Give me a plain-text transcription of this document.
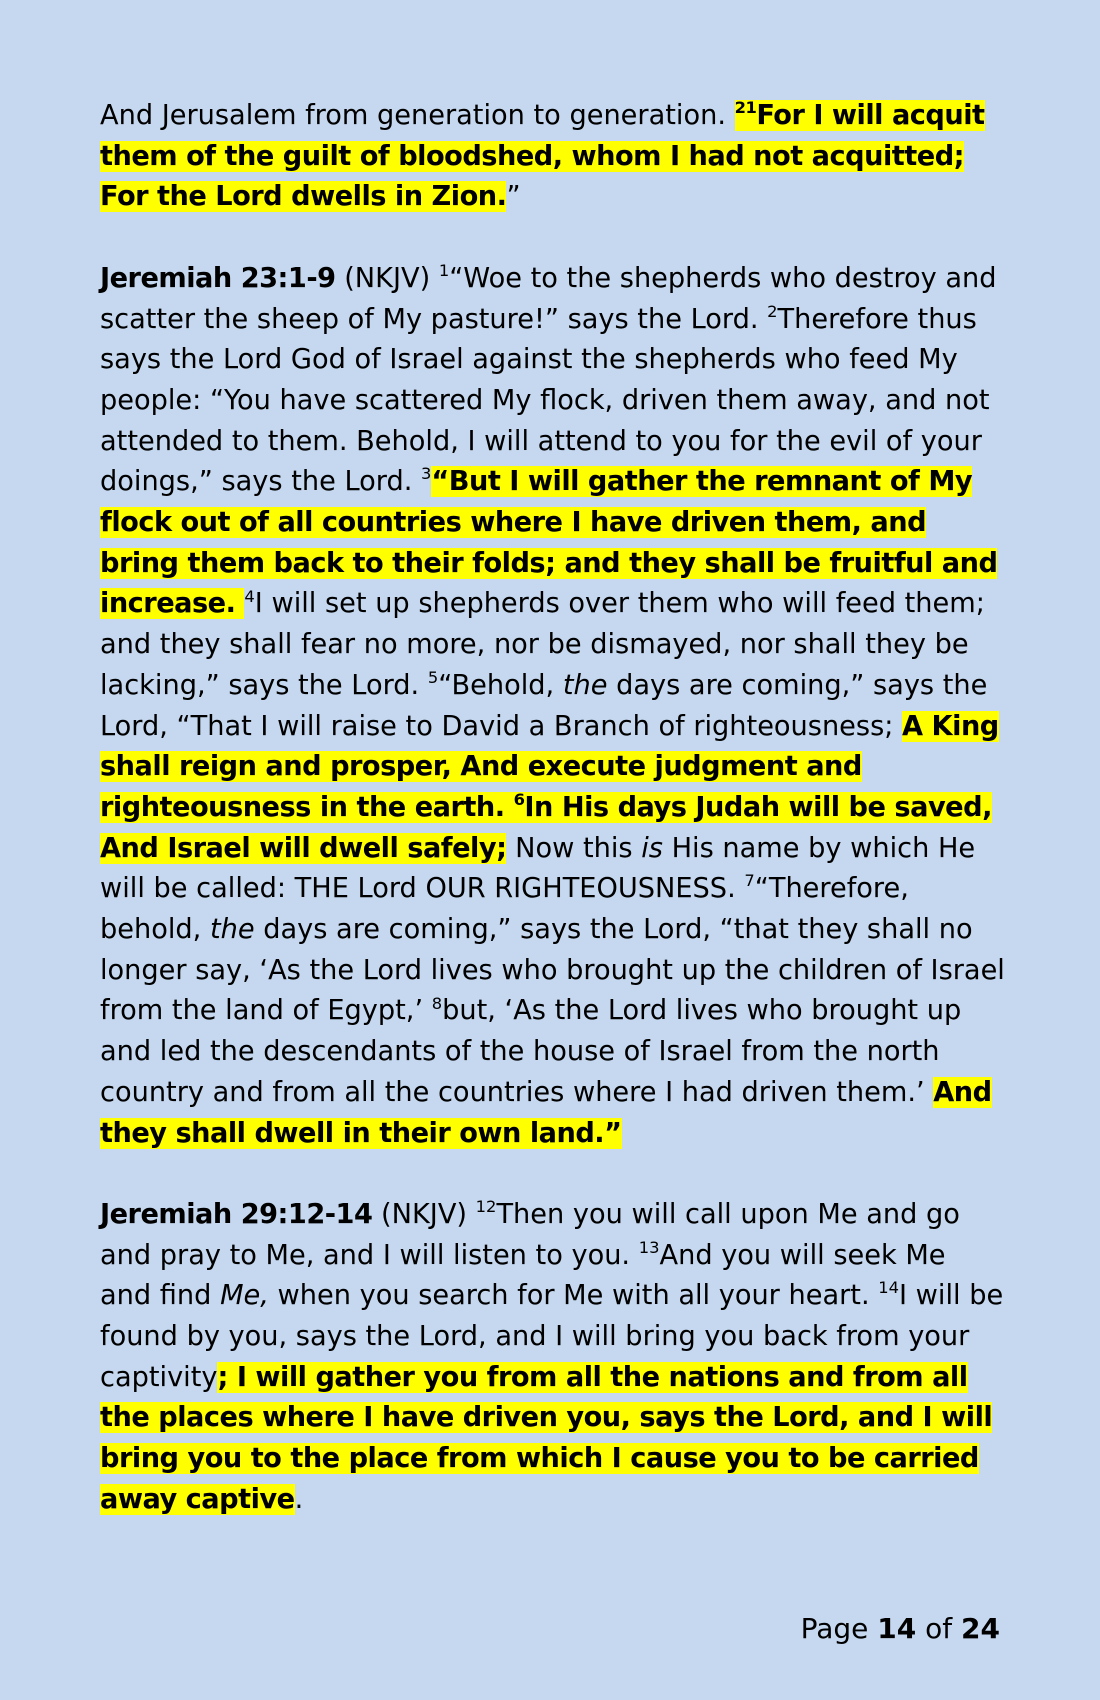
And Jerusalem from generation to generation. $^{21}$For I will acquit them of the guilt of bloodshed, whom I had not acquitted; For the Lord dwells in Zion.”

Jeremiah 23:1-9 (NKJV) $^1$“Woe to the shepherds who destroy and scatter the sheep of My pasture!” says the Lord. $^2$Therefore thus says the Lord God of Israel against the shepherds who feed My people: “You have scattered My flock, driven them away, and not attended to them. Behold, I will attend to you for the evil of your doings,” says the Lord. $^3$“But I will gather the remnant of My flock out of all countries where I have driven them, and bring them back to their folds; and they shall be fruitful and increase. $^4$I will set up shepherds over them who will feed them; and they shall fear no more, nor be dismayed, nor shall they be lacking,” says the Lord. $^5$“Behold, the days are coming,” says the Lord, “That I will raise to David a Branch of righteousness; A King shall reign and prosper, And execute judgment and righteousness in the earth. $^6$In His days Judah will be saved, And Israel will dwell safely; Now this is His name by which He will be called: THE Lord OUR RIGHTEOUSNESS. $^7$“Therefore, behold, the days are coming,” says the Lord, “that they shall no longer say, ‘As the Lord lives who brought up the children of Israel from the land of Egypt,’ $^8$but, ‘As the Lord lives who brought up and led the descendants of the house of Israel from the north country and from all the countries where I had driven them.’ And they shall dwell in their own land.”

Jeremiah 29:12-14 (NKJV) $^{12}$Then you will call upon Me and go and pray to Me, and I will listen to you. $^{13}$And you will seek Me and find Me, when you search for Me with all your heart. $^{14}$I will be found by you, says the Lord, and I will bring you back from your captivity; I will gather you from all the nations and from all the places where I have driven you, says the Lord, and I will bring you to the place from which I cause you to be carried away captive.

Page 14 of 24
